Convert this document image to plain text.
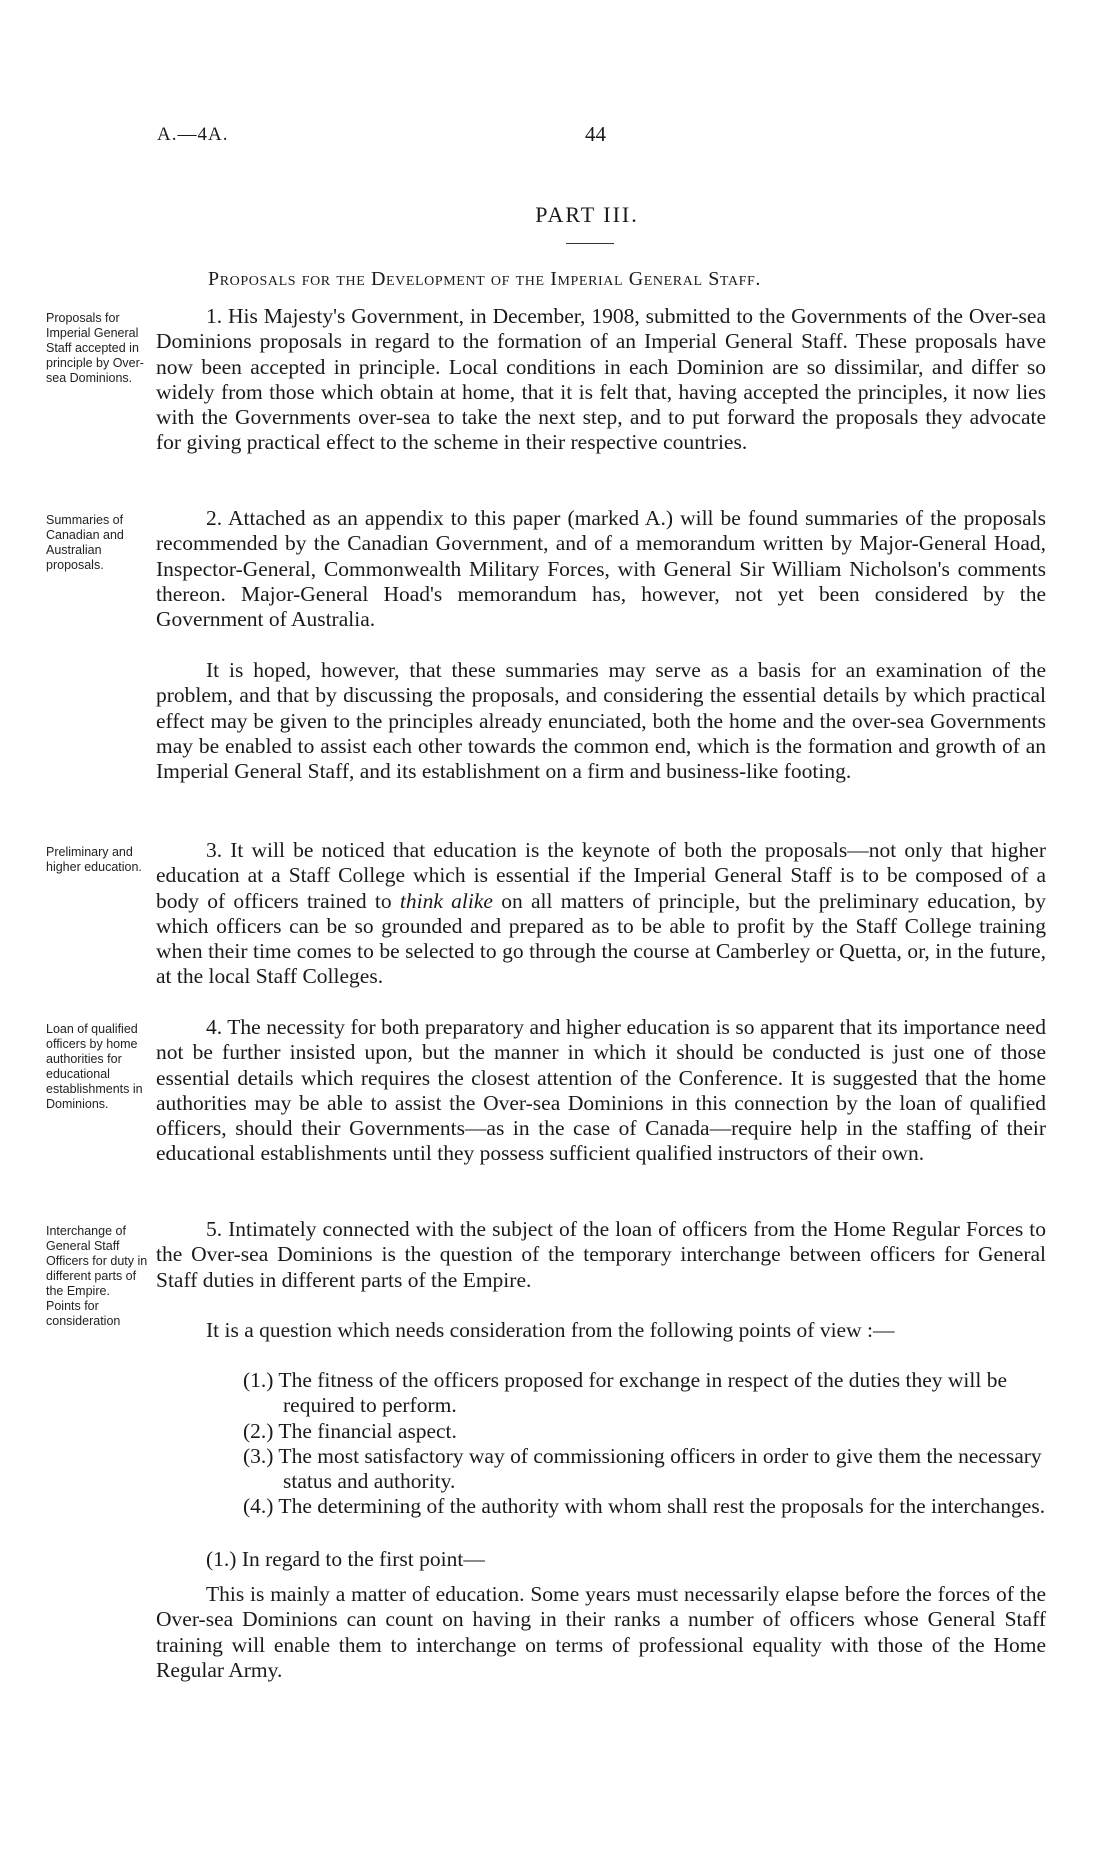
A.—4A.	44
PART III.
Proposals for the Development of the Imperial General Staff.
Proposals for Imperial General Staff accepted in principle by Over-sea Dominions.
Summaries of Canadian and Australian proposals.
Preliminary and higher education.
Loan of qualified officers by home authorities for educational establishments in Dominions.
Interchange of General Staff Officers for duty in different parts of the Empire. Points for consideration

1. His Majesty's Government, in December, 1908, submitted to the Governments of the Over-sea Dominions proposals in regard to the formation of an Imperial General Staff. These proposals have now been accepted in principle. Local conditions in each Dominion are so dissimilar, and differ so widely from those which obtain at home, that it is felt that, having accepted the principles, it now lies with the Governments over-sea to take the next step, and to put forward the proposals they advocate for giving practical effect to the scheme in their respective countries.

2. Attached as an appendix to this paper (marked A.) will be found summaries of the proposals recommended by the Canadian Government, and of a memorandum written by Major-General Hoad, Inspector-General, Commonwealth Military Forces, with General Sir William Nicholson's comments thereon. Major-General Hoad's memorandum has, however, not yet been considered by the Government of Australia.

It is hoped, however, that these summaries may serve as a basis for an examination of the problem, and that by discussing the proposals, and considering the essential details by which practical effect may be given to the principles already enunciated, both the home and the over-sea Governments may be enabled to assist each other towards the common end, which is the formation and growth of an Imperial General Staff, and its establishment on a firm and business-like footing.

3. It will be noticed that education is the keynote of both the proposals—not only that higher education at a Staff College which is essential if the Imperial General Staff is to be composed of a body of officers trained to think alike on all matters of principle, but the preliminary education, by which officers can be so grounded and prepared as to be able to profit by the Staff College training when their time comes to be selected to go through the course at Camberley or Quetta, or, in the future, at the local Staff Colleges.

4. The necessity for both preparatory and higher education is so apparent that its importance need not be further insisted upon, but the manner in which it should be conducted is just one of those essential details which requires the closest attention of the Conference. It is suggested that the home authorities may be able to assist the Over-sea Dominions in this connection by the loan of qualified officers, should their Governments—as in the case of Canada—require help in the staffing of their educational establishments until they possess sufficient qualified instructors of their own.

5. Intimately connected with the subject of the loan of officers from the Home Regular Forces to the Over-sea Dominions is the question of the temporary interchange between officers for General Staff duties in different parts of the Empire.

It is a question which needs consideration from the following points of view :—

(1.) The fitness of the officers proposed for exchange in respect of the duties they will be required to perform.
(2.) The financial aspect.
(3.) The most satisfactory way of commissioning officers in order to give them the necessary status and authority.
(4.) The determining of the authority with whom shall rest the proposals for the interchanges.

(1.) In regard to the first point—

This is mainly a matter of education. Some years must necessarily elapse before the forces of the Over-sea Dominions can count on having in their ranks a number of officers whose General Staff training will enable them to interchange on terms of professional equality with those of the Home Regular Army.
